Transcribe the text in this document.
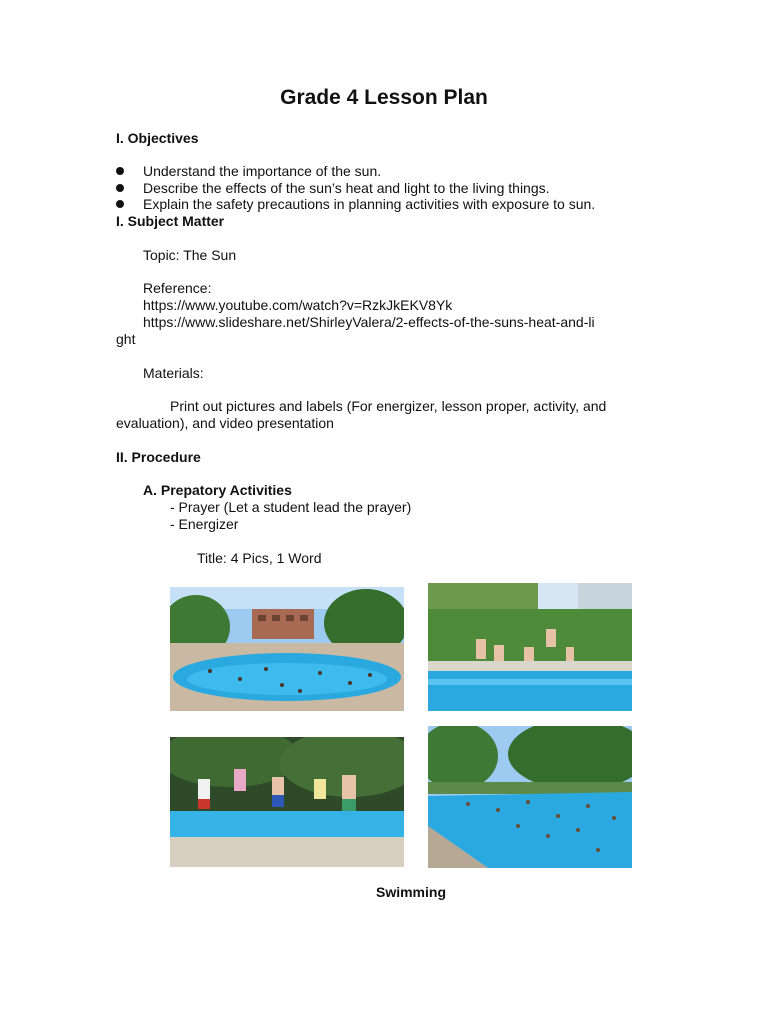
Grade 4 Lesson Plan
I. Objectives
Understand the importance of the sun.
Describe the effects of the sun’s heat and light to the living things.
Explain the safety precautions in planning activities with exposure to sun.
I. Subject Matter
Topic: The Sun
Reference:
https://www.youtube.com/watch?v=RzkJkEKV8Yk
https://www.slideshare.net/ShirleyValera/2-effects-of-the-suns-heat-and-li
ght
Materials:
Print out pictures and labels (For energizer, lesson proper, activity, and
evaluation), and video presentation
II. Procedure
A. Prepatory Activities
- Prayer (Let a student lead the prayer)
- Energizer
Title: 4 Pics, 1 Word
Swimming
